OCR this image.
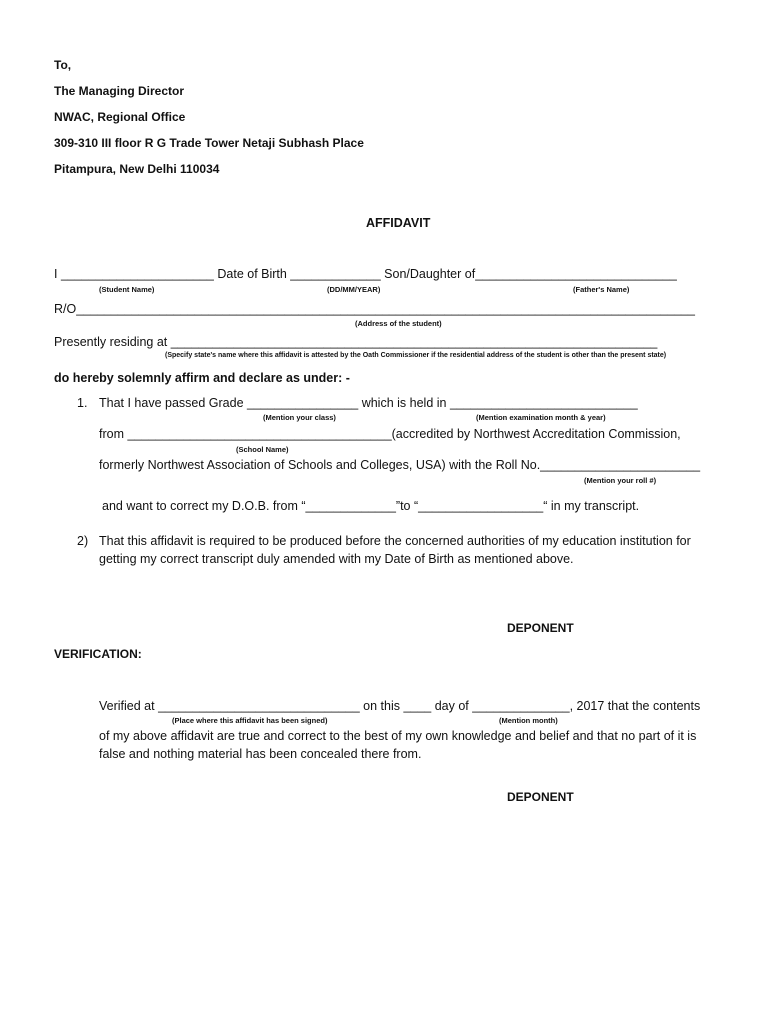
To,
The Managing Director
NWAC, Regional Office
309-310 III floor R G Trade Tower Netaji Subhash Place
Pitampura, New Delhi 110034
AFFIDAVIT
I ______________________ Date of Birth _____________ Son/Daughter of_____________________________
(Student Name)	(DD/MM/YEAR)	(Father's Name)
R/O_________________________________________________________________________________________
(Address of the student)
Presently residing at ______________________________________________________________________
(Specify state's name where this affidavit is attested by the Oath Commissioner if the residential address of the student is other than the present state)
do hereby solemnly affirm and declare as under: -
1. That I have passed Grade ________________ which is held in ___________________________
(Mention your class)	(Mention examination month & year)
from ______________________________________(accredited by Northwest Accreditation Commission,
(School Name)
formerly Northwest Association of Schools and Colleges, USA) with the Roll No._______________________
(Mention your roll #)
and want to correct my D.O.B. from “_____________”to “__________________“ in my transcript.
2) That this affidavit is required to be produced before the concerned authorities of my education institution for
getting my correct transcript duly amended with my Date of Birth as mentioned above.
DEPONENT
VERIFICATION:
Verified at _____________________________ on this ____ day of ______________, 2017 that the contents
(Place where this affidavit has been signed)	(Mention month)
of my above affidavit are true and correct to the best of my own knowledge and belief and that no part of it is
false and nothing material has been concealed there from.
DEPONENT
